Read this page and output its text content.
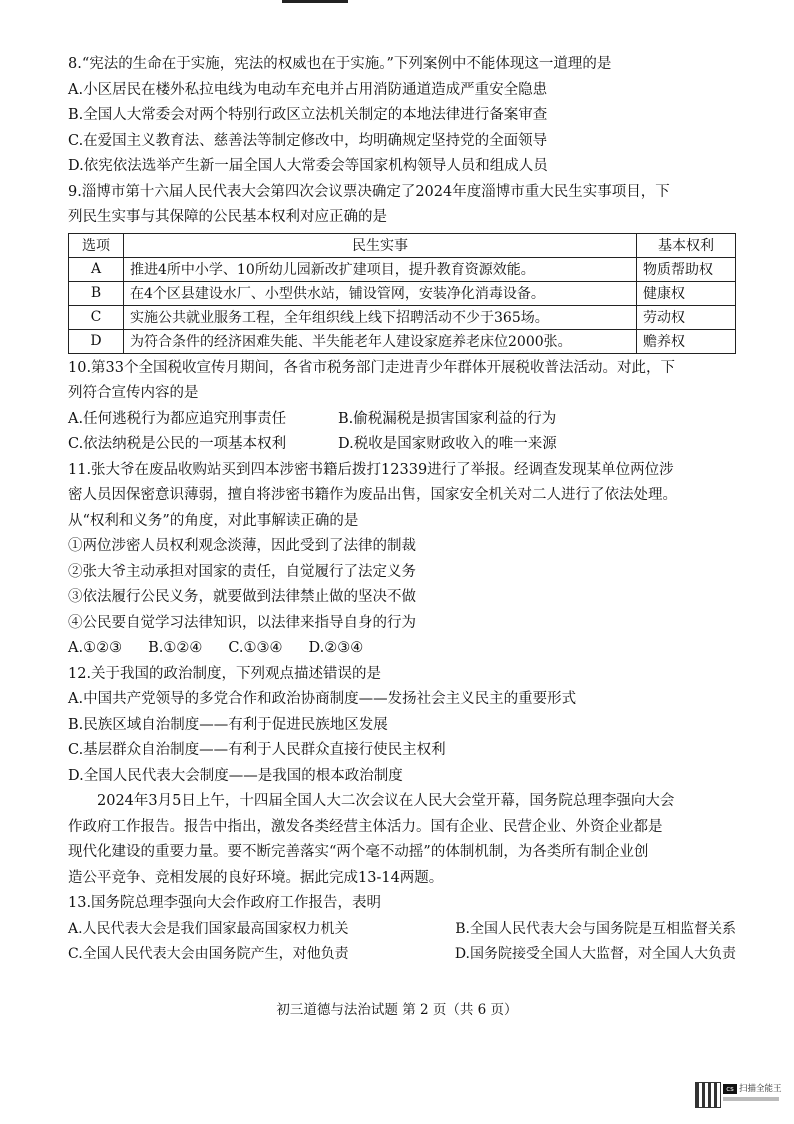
8.“宪法的生命在于实施，宪法的权威也在于实施。”下列案例中不能体现这一道理的是
A.小区居民在楼外私拉电线为电动车充电并占用消防通道造成严重安全隐患
B.全国人大常委会对两个特别行政区立法机关制定的本地法律进行备案审查
C.在爱国主义教育法、慈善法等制定修改中，均明确规定坚持党的全面领导
D.依宪依法选举产生新一届全国人大常委会等国家机构领导人员和组成人员
9.淄博市第十六届人民代表大会第四次会议票决确定了2024年度淄博市重大民生实事项目，下
列民生实事与其保障的公民基本权利对应正确的是
选项	民生实事	基本权利
A	推进4所中小学、10所幼儿园新改扩建项目，提升教育资源效能。	物质帮助权
B	在4个区县建设水厂、小型供水站，铺设管网，安装净化消毒设备。	健康权
C	实施公共就业服务工程，全年组织线上线下招聘活动不少于365场。	劳动权
D	为符合条件的经济困难失能、半失能老年人建设家庭养老床位2000张。	赡养权
10.第33个全国税收宣传月期间，各省市税务部门走进青少年群体开展税收普法活动。对此，下
列符合宣传内容的是
A.任何逃税行为都应追究刑事责任	B.偷税漏税是损害国家利益的行为
C.依法纳税是公民的一项基本权利	D.税收是国家财政收入的唯一来源
11.张大爷在废品收购站买到四本涉密书籍后拨打12339进行了举报。经调查发现某单位两位涉
密人员因保密意识薄弱，擅自将涉密书籍作为废品出售，国家安全机关对二人进行了依法处理。
从“权利和义务”的角度，对此事解读正确的是
①两位涉密人员权利观念淡薄，因此受到了法律的制裁
②张大爷主动承担对国家的责任，自觉履行了法定义务
③依法履行公民义务，就要做到法律禁止做的坚决不做
④公民要自觉学习法律知识，以法律来指导自身的行为
A.①②③ B.①②④ C.①③④ D.②③④
12.关于我国的政治制度，下列观点描述错误的是
A.中国共产党领导的多党合作和政治协商制度——发扬社会主义民主的重要形式
B.民族区域自治制度——有利于促进民族地区发展
C.基层群众自治制度——有利于人民群众直接行使民主权利
D.全国人民代表大会制度——是我国的根本政治制度
2024年3月5日上午，十四届全国人大二次会议在人民大会堂开幕，国务院总理李强向大会
作政府工作报告。报告中指出，激发各类经营主体活力。国有企业、民营企业、外资企业都是
现代化建设的重要力量。要不断完善落实“两个毫不动摇”的体制机制，为各类所有制企业创
造公平竞争、竞相发展的良好环境。据此完成13-14两题。
13.国务院总理李强向大会作政府工作报告，表明
A.人民代表大会是我们国家最高国家权力机关	B.全国人民代表大会与国务院是互相监督关系
C.全国人民代表大会由国务院产生，对他负责	D.国务院接受全国人大监督，对全国人大负责
初三道德与法治试题 第 2 页（共 6 页）
cs 扫描全能王
